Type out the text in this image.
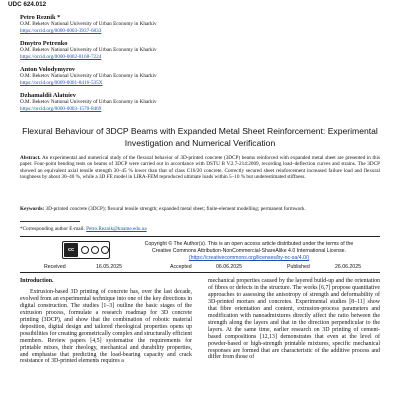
UDC 624.012
Petro Reznik *
O.M. Beketov National University of Urban Economy in Kharkiv
https://orcid.org/0000-0003-3937-6833
Dmytro Petrenko
O.M. Beketov National University of Urban Economy in Kharkiv
https://orcid.org/0000-0002-8168-7224
Anton Volodymyrov
O.M. Beketov National University of Urban Economy in Kharkiv
https://orcid.org/0009-0001-8416-535X
Dzhamaldii Alatuiev
O.M. Beketov National University of Urban Economy in Kharkiv
https://orcid.org/0000-0003-1570-8469
Flexural Behaviour of 3DCP Beams with Expanded Metal Sheet Reinforcement: Experimental Investigation and Numerical Verification
Abstract. An experimental and numerical study of the flexural behavior of 3D-printed concrete (3DCP) beams reinforced with expanded metal sheet are presented in this paper. Four-point bending tests on beams of 3DCP were carried out in accordance with DSTU B V.2.7-214:2009, recording load–deflection curves and strains. The 3DCP showed an equivalent axial tensile strength 30–45 % lower than that of class C16/20 concrete. Correctly secured sheet reinforcement increased failure load and flexural toughness by about 30–40 %, while a 3D FE model in LIRA-FEM reproduced ultimate loads within 5–10 % but underestimated stiffness.
Keywords: 3D-printed concrete (3DCP); flexural tensile strength; expanded metal sheet; finite-element modelling; permanent formwork.
*Corresponding author E-mail: Petro.Reznik@kname.edu.ua
cc
Copyright © The Author(s). This is an open access article distributed under the terms of the
Creative Commons Attribution-NonCommercial-ShareAlike 4.0 International License.
(https://creativecommons.org/licenses/by-nc-sa/4.0/)
Received	16.05.2025	Accepted	06.06.2025	Published	26.06.2025
Introduction.

Extrusion-based 3D printing of concrete has, over the last decade, evolved from an experimental technique into one of the key directions in digital construction. The studies [1–3] outline the basic stages of the extrusion process, formulate a research roadmap for 3D concrete printing (3DCP), and show that the combination of robotic material deposition, digital design and tailored rheological properties opens up possibilities for creating geometrically complex and structurally efficient members. Review papers [4,5] systematise the requirements for printable mixes, their rheology, mechanical and durability properties, and emphasise that predicting the load-bearing capacity and crack resistance of 3D-printed elements requires a

mechanical properties caused by the layered build-up and the orientation of fibres or defects in the structure. The works [6,7] propose quantitative approaches to assessing the anisotropy of strength and deformability of 3D-printed mortars and concretes. Experimental studies [8–11] show that fibre orientation and content, extrusion-process parameters and modification with nanoadmixtures directly affect the ratio between the strength along the layers and that in the direction perpendicular to the layers. At the same time, earlier research on 3D printing of cement-based compositions [12,13] demonstrates that even at the level of powder-based or high-strength printable mixtures, specific mechanical responses are formed that are characteristic of the additive process and differ from those of
